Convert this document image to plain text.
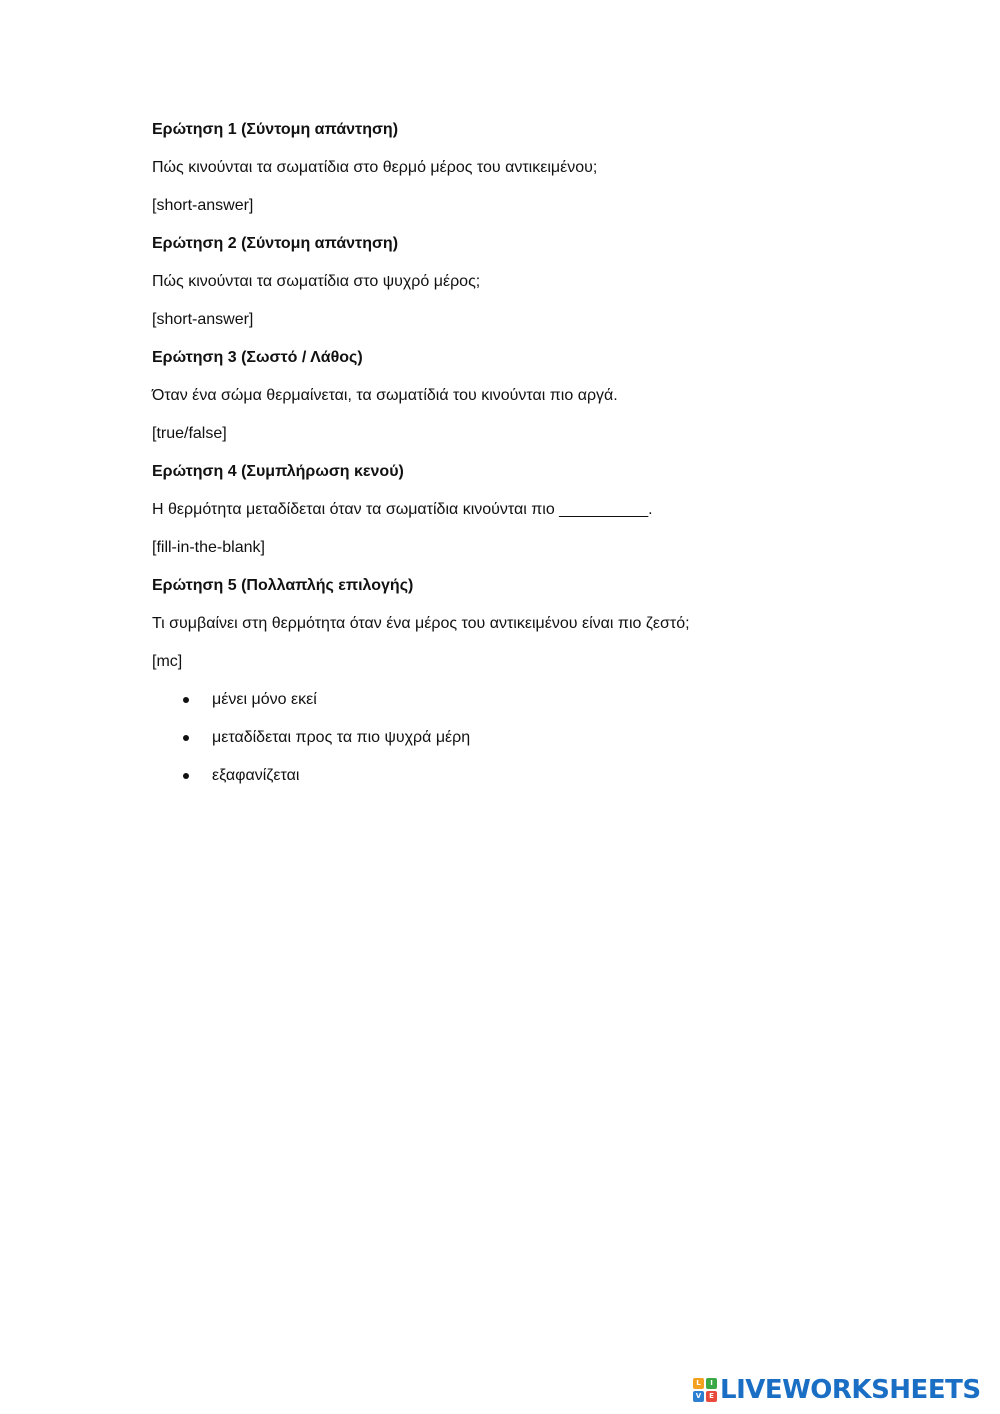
Ερώτηση 1 (Σύντομη απάντηση)
Πώς κινούνται τα σωματίδια στο θερμό μέρος του αντικειμένου;
[short-answer]
Ερώτηση 2 (Σύντομη απάντηση)
Πώς κινούνται τα σωματίδια στο ψυχρό μέρος;
[short-answer]
Ερώτηση 3 (Σωστό / Λάθος)
Όταν ένα σώμα θερμαίνεται, τα σωματίδιά του κινούνται πιο αργά.
[true/false]
Ερώτηση 4 (Συμπλήρωση κενού)
Η θερμότητα μεταδίδεται όταν τα σωματίδια κινούνται πιο __________.
[fill-in-the-blank]
Ερώτηση 5 (Πολλαπλής επιλογής)
Τι συμβαίνει στη θερμότητα όταν ένα μέρος του αντικειμένου είναι πιο ζεστό;
[mc]
μένει μόνο εκεί
μεταδίδεται προς τα πιο ψυχρά μέρη
εξαφανίζεται
L	I
V	E LIVEWORKSHEETS
